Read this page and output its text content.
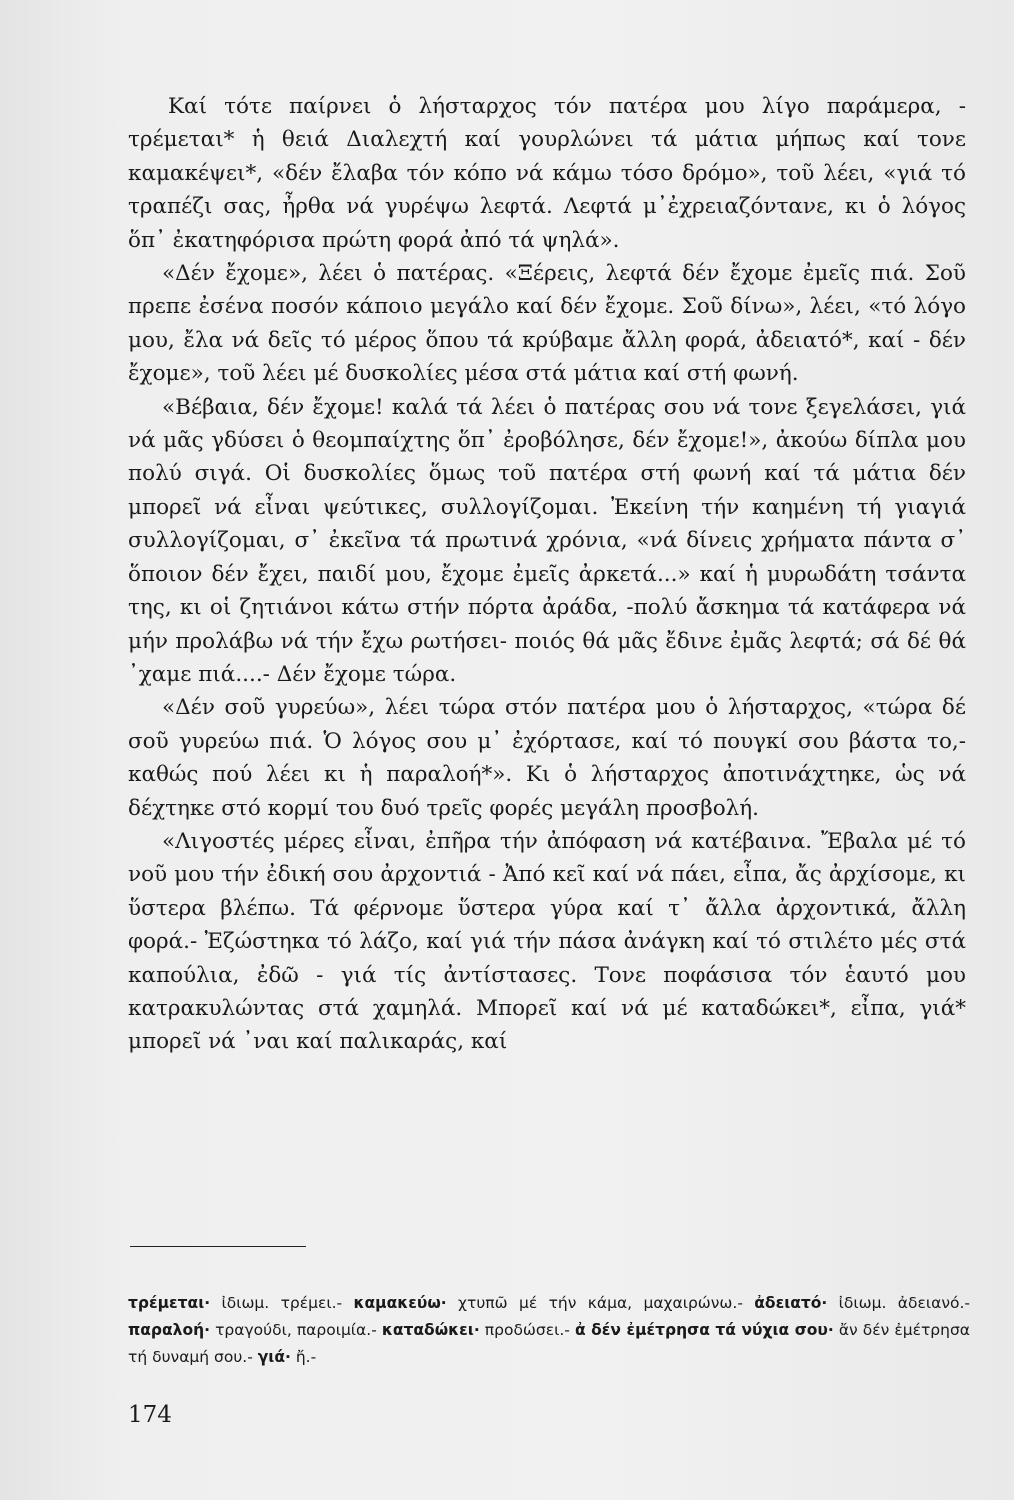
Καί τότε παίρνει ὁ λήσταρχος τόν πατέρα μου λίγο παράμερα, - τρέμεται* ἡ θειά Διαλεχτή καί γουρλώνει τά μάτια μήπως καί τονε καμακέψει*, «δέν ἔλαβα τόν κόπο νά κάμω τόσο δρόμο», τοῦ λέει, «γιά τό τραπέζι σας, ἦρθα νά γυρέψω λεφτά. Λεφτά μ᾿ἐχρειαζόντανε, κι ὁ λόγος ὅπ᾿ ἐκατηφόρισα πρώτη φορά ἀπό τά ψηλά».

«Δέν ἔχομε», λέει ὁ πατέρας. «Ξέρεις, λεφτά δέν ἔχομε ἐμεῖς πιά. Σοῦ πρεπε ἐσένα ποσόν κάποιο μεγάλο καί δέν ἔχομε. Σοῦ δίνω», λέει, «τό λόγο μου, ἔλα νά δεῖς τό μέρος ὅπου τά κρύβαμε ἄλλη φορά, ἀδειατό*, καί - δέν ἔχομε», τοῦ λέει μέ δυσκολίες μέσα στά μάτια καί στή φωνή.

«Βέβαια, δέν ἔχομε! καλά τά λέει ὁ πατέρας σου νά τονε ξεγελάσει, γιά νά μᾶς γδύσει ὁ θεομπαίχτης ὅπ᾿ ἐροβόλησε, δέν ἔχομε!», ἀκούω δίπλα μου πολύ σιγά. Οἱ δυσκολίες ὅμως τοῦ πατέρα στή φωνή καί τά μάτια δέν μπορεῖ νά εἶναι ψεύτικες, συλλογίζομαι. Ἐκείνη τήν καημένη τή γιαγιά συλλογίζομαι, σ᾿ ἐκεῖνα τά πρωτινά χρόνια, «νά δίνεις χρήματα πάντα σ᾿ ὅποιον δέν ἔχει, παιδί μου, ἔχομε ἐμεῖς ἀρκετά...» καί ἡ μυρωδάτη τσάντα της, κι οἱ ζητιάνοι κάτω στήν πόρτα ἀράδα, -πολύ ἄσκημα τά κατάφερα νά μήν προλάβω νά τήν ἔχω ρωτήσει- ποιός θά μᾶς ἔδινε ἐμᾶς λεφτά; σά δέ θά ᾿χαμε πιά....- Δέν ἔχομε τώρα.

«Δέν σοῦ γυρεύω», λέει τώρα στόν πατέρα μου ὁ λήσταρχος, «τώρα δέ σοῦ γυρεύω πιά. Ὁ λόγος σου μ᾿ ἐχόρτασε, καί τό πουγκί σου βάστα το,- καθώς πού λέει κι ἡ παραλοή*». Κι ὁ λήσταρχος ἀποτινάχτηκε, ὡς νά δέχτηκε στό κορμί του δυό τρεῖς φορές μεγάλη προσβολή.

«Λιγοστές μέρες εἶναι, ἐπῆρα τήν ἀπόφαση νά κατέβαινα. Ἔβαλα μέ τό νοῦ μου τήν ἐδική σου ἀρχοντιά - Ἀπό κεῖ καί νά πάει, εἶπα, ἄς ἀρχίσομε, κι ὕστερα βλέπω. Τά φέρνομε ὕστερα γύρα καί τ᾿ ἄλλα ἀρχοντικά, ἄλλη φορά.- Ἐζώστηκα τό λάζο, καί γιά τήν πάσα ἀνάγκη καί τό στιλέτο μές στά καπούλια, ἐδῶ - γιά τίς ἀντίστασες. Τονε ποφάσισα τόν ἑαυτό μου κατρακυλώντας στά χαμηλά. Μπορεῖ καί νά μέ καταδώκει*, εἶπα, γιά* μπορεῖ νά ᾿ναι καί παλικαράς, καί

τρέμεται· ἰδιωμ. τρέμει.- καμακεύω· χτυπῶ μέ τήν κάμα, μαχαιρώνω.- ἀδειατό· ἰδιωμ. ἀδειανό.- παραλοή· τραγούδι, παροιμία.- καταδώκει· προδώσει.- ἀ δέν ἐμέτρησα τά νύχια σου· ἄν δέν ἐμέτρησα τή δυναμή σου.- γιά· ἤ.-
174
